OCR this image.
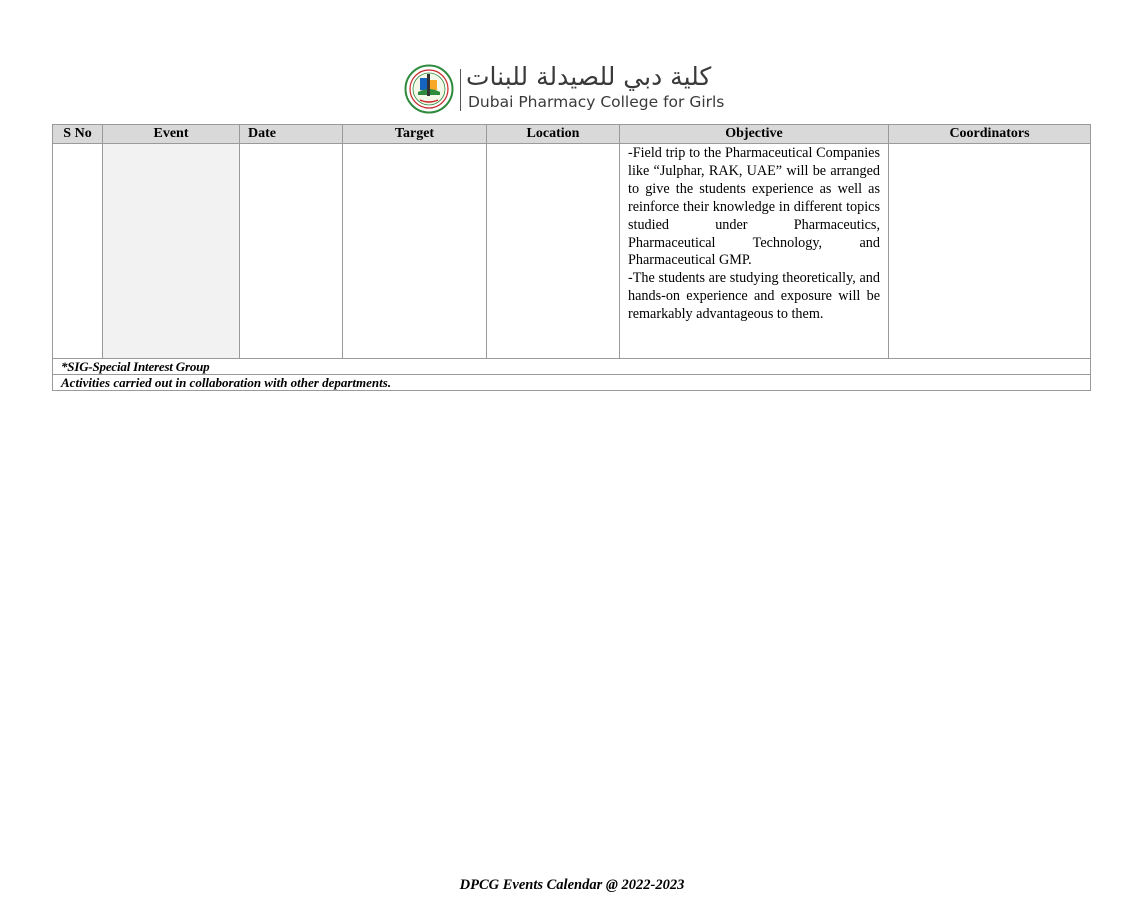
كلية دبي للصيدلة للبنات
Dubai Pharmacy College for Girls
S No	Event	Date	Target	Location	Objective	Coordinators

					-Field trip to the Pharmaceutical Companies like “Julphar, RAK, UAE” will be arranged to give the students experience as well as reinforce their knowledge in different topics studied under Pharmaceutics, Pharmaceutical Technology, and Pharmaceutical GMP.
-The students are studying theoretically, and hands-on experience and exposure will be remarkably advantageous to them.	

*SIG-Special Interest Group						
Activities carried out in collaboration with other departments.						
DPCG Events Calendar @ 2022-2023
